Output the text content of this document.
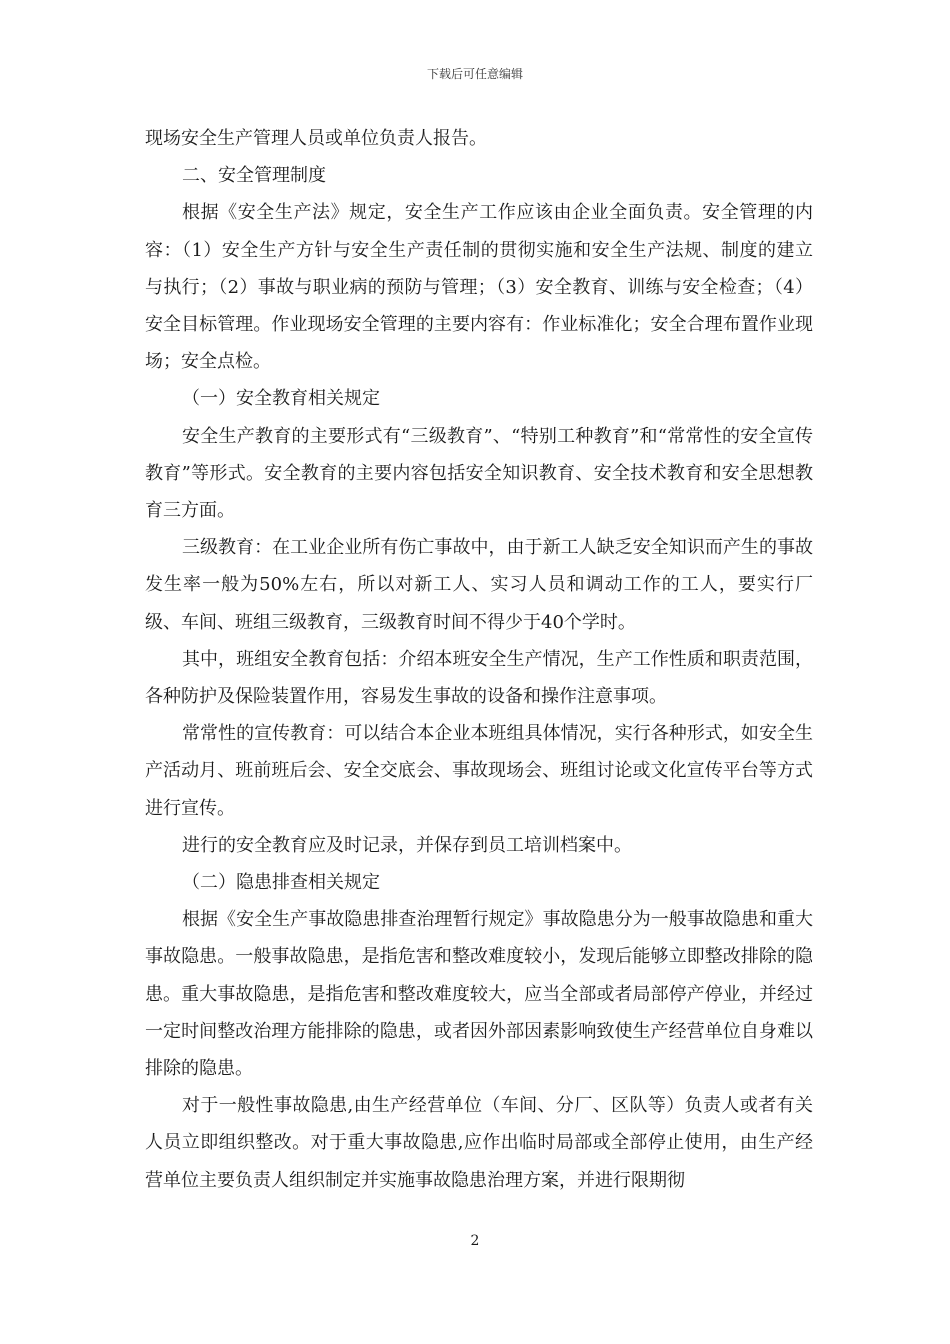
下载后可任意编辑

现场安全生产管理人员或单位负责人报告。

二、安全管理制度

根据《安全生产法》规定，安全生产工作应该由企业全面负责。安全管理的内容：（1）安全生产方针与安全生产责任制的贯彻实施和安全生产法规、制度的建立与执行；（2）事故与职业病的预防与管理；（3）安全教育、训练与安全检查；（4）安全目标管理。作业现场安全管理的主要内容有：作业标准化；安全合理布置作业现场；安全点检。

（一）安全教育相关规定

安全生产教育的主要形式有“三级教育”、“特别工种教育”和“常常性的安全宣传教育”等形式。安全教育的主要内容包括安全知识教育、安全技术教育和安全思想教育三方面。

三级教育：在工业企业所有伤亡事故中，由于新工人缺乏安全知识而产生的事故发生率一般为50%左右，所以对新工人、实习人员和调动工作的工人，要实行厂级、车间、班组三级教育，三级教育时间不得少于40个学时。

其中，班组安全教育包括：介绍本班安全生产情况，生产工作性质和职责范围，各种防护及保险装置作用，容易发生事故的设备和操作注意事项。

常常性的宣传教育：可以结合本企业本班组具体情况，实行各种形式，如安全生产活动月、班前班后会、安全交底会、事故现场会、班组讨论或文化宣传平台等方式进行宣传。

进行的安全教育应及时记录，并保存到员工培训档案中。

（二）隐患排查相关规定

根据《安全生产事故隐患排查治理暂行规定》事故隐患分为一般事故隐患和重大事故隐患。一般事故隐患，是指危害和整改难度较小，发现后能够立即整改排除的隐患。重大事故隐患，是指危害和整改难度较大，应当全部或者局部停产停业，并经过一定时间整改治理方能排除的隐患，或者因外部因素影响致使生产经营单位自身难以排除的隐患。

对于一般性事故隐患,由生产经营单位（车间、分厂、区队等）负责人或者有关人员立即组织整改。对于重大事故隐患,应作出临时局部或全部停止使用，由生产经营单位主要负责人组织制定并实施事故隐患治理方案，并进行限期彻

2
